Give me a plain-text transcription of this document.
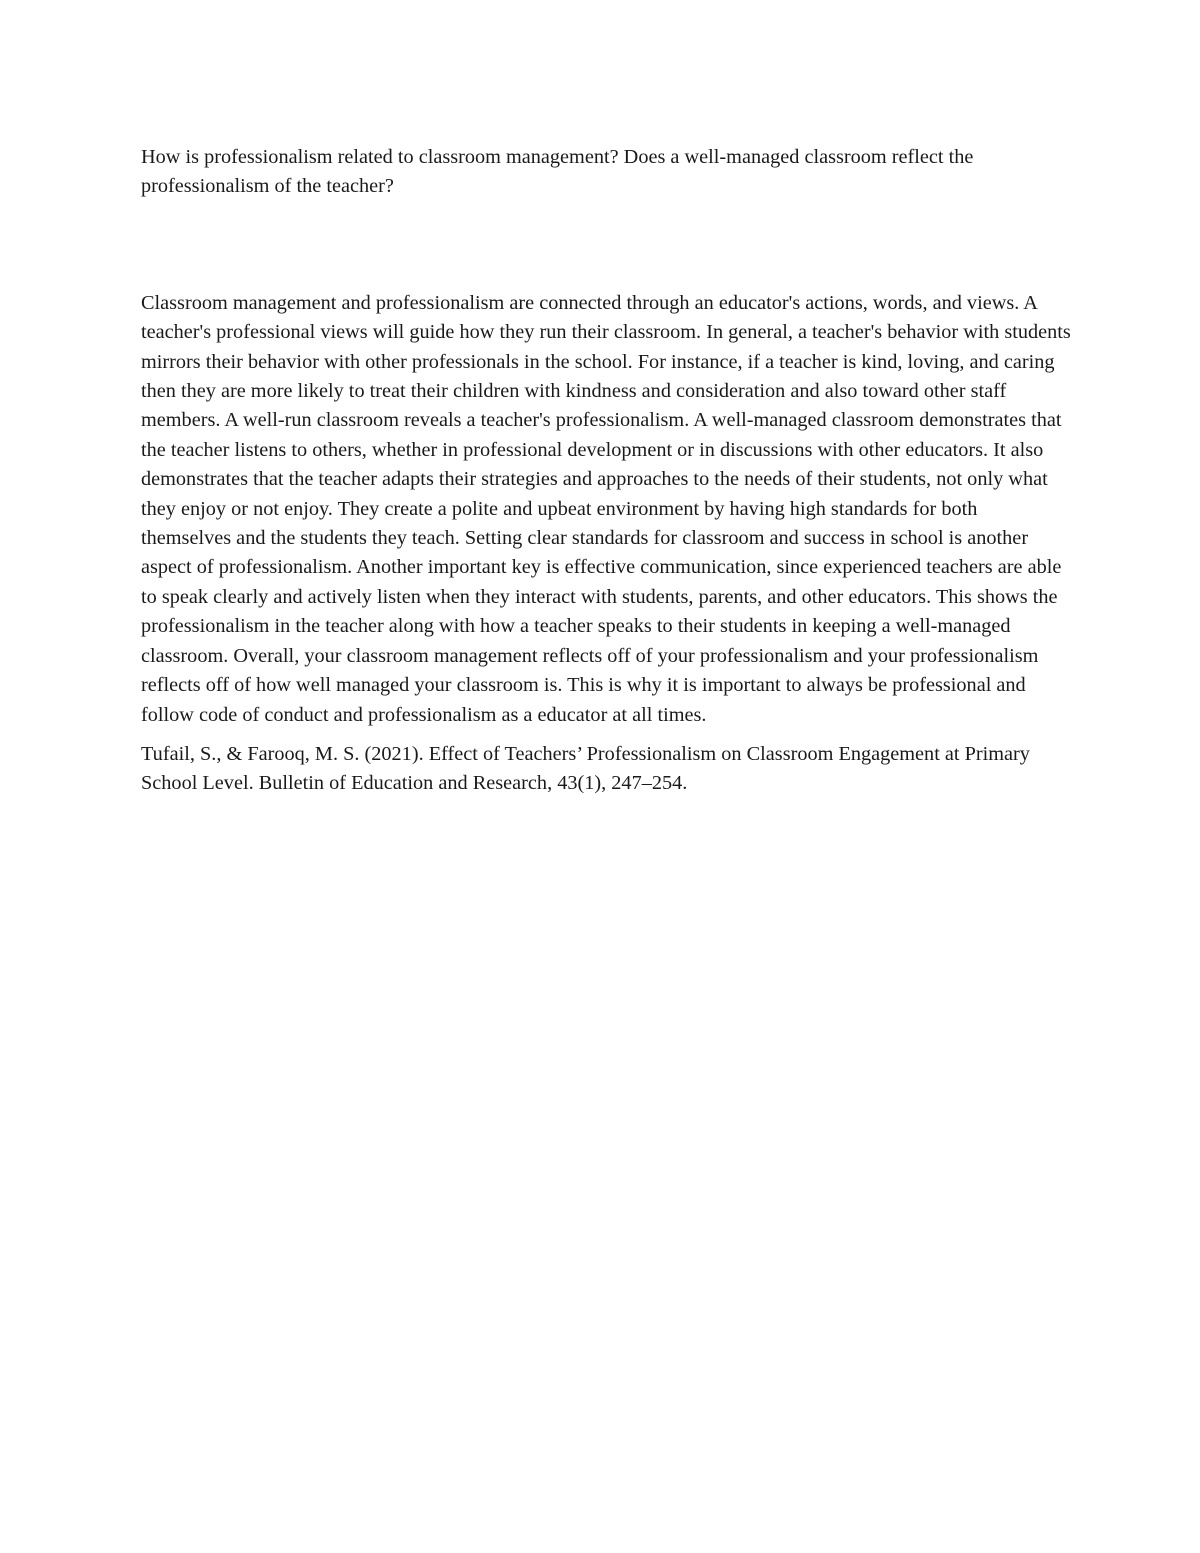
How is professionalism related to classroom management? Does a well-managed classroom reflect the professionalism of the teacher?

Classroom management and professionalism are connected through an educator's actions, words, and views. A teacher's professional views will guide how they run their classroom. In general, a teacher's behavior with students mirrors their behavior with other professionals in the school. For instance, if a teacher is kind, loving, and caring then they are more likely to treat their children with kindness and consideration and also toward other staff members. A well-run classroom reveals a teacher's professionalism. A well-managed classroom demonstrates that the teacher listens to others, whether in professional development or in discussions with other educators. It also demonstrates that the teacher adapts their strategies and approaches to the needs of their students, not only what they enjoy or not enjoy. They create a polite and upbeat environment by having high standards for both themselves and the students they teach. Setting clear standards for classroom and success in school is another aspect of professionalism. Another important key is effective communication, since experienced teachers are able to speak clearly and actively listen when they interact with students, parents, and other educators. This shows the professionalism in the teacher along with how a teacher speaks to their students in keeping a well-managed classroom. Overall, your classroom management reflects off of your professionalism and your professionalism reflects off of how well managed your classroom is. This is why it is important to always be professional and follow code of conduct and professionalism as a educator at all times.

Tufail, S., & Farooq, M. S. (2021). Effect of Teachers’ Professionalism on Classroom Engagement at Primary School Level. Bulletin of Education and Research, 43(1), 247–254.
